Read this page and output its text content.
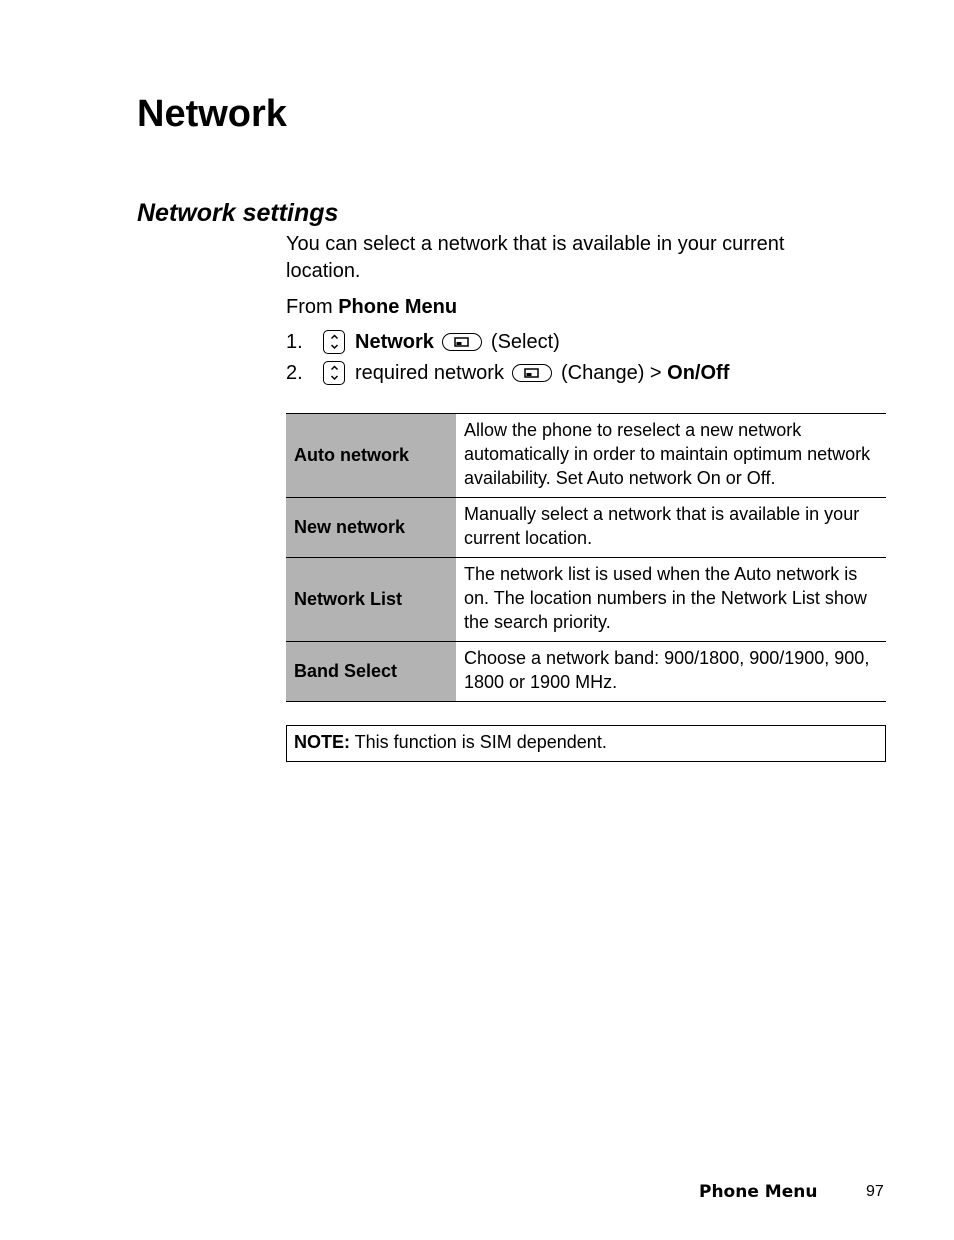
Network
Network settings

You can select a network that is available in your current location.

From Phone Menu

1.	Network	(Select)
2.	required network	(Change) > On/Off
Auto network	Allow the phone to reselect a new network automatically in order to maintain optimum network availability. Set Auto network On or Off.
New network	Manually select a network that is available in your current location.
Network List	The network list is used when the Auto network is on. The location numbers in the Network List show the search priority.
Band Select	Choose a network band: 900/1800, 900/1900, 900, 1800 or 1900 MHz.
NOTE: This function is SIM dependent.
Phone Menu	97
